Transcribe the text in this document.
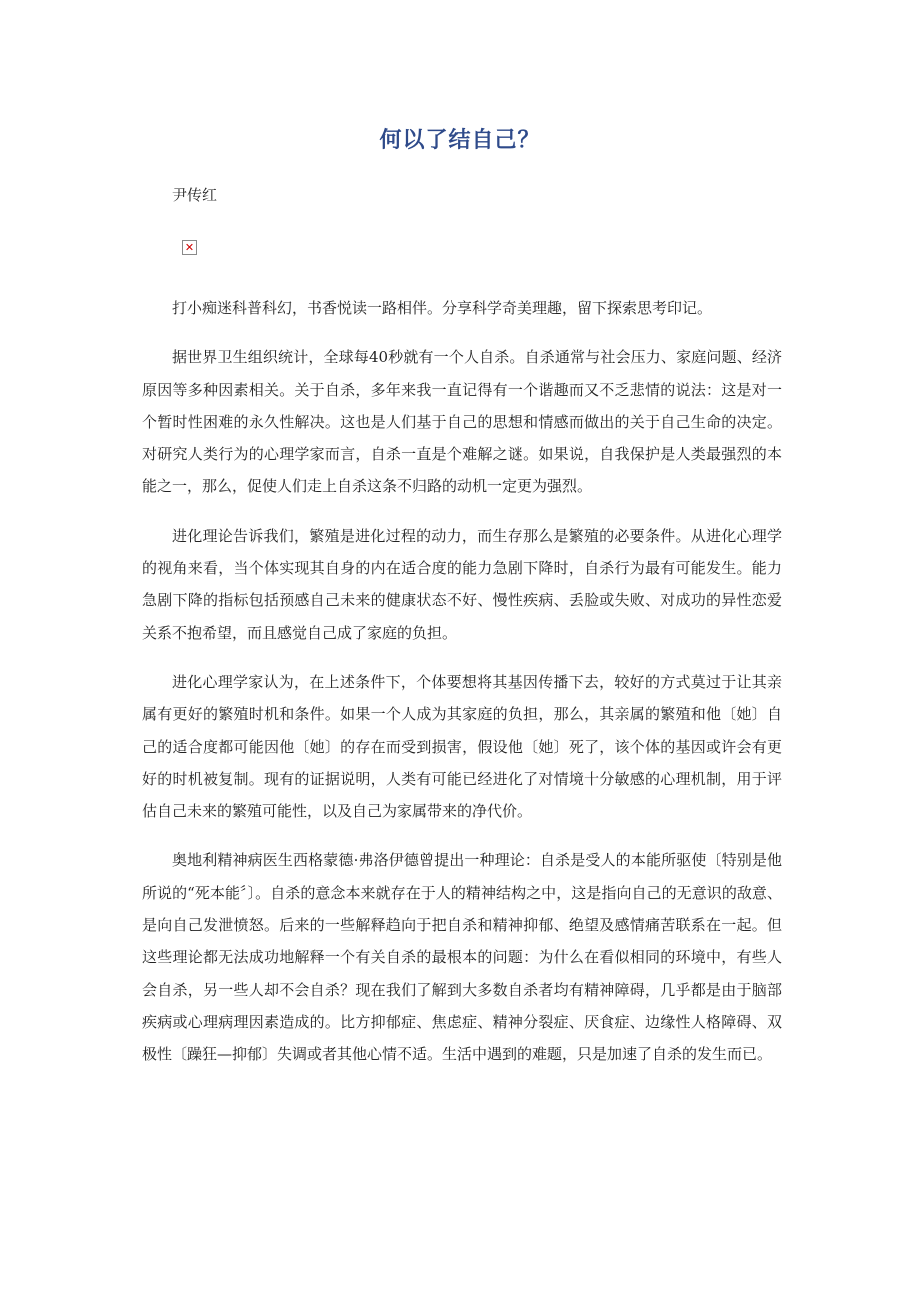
何以了结自己？
尹传红
✕

打小痴迷科普科幻，书香悦读一路相伴。分享科学奇美理趣，留下探索思考印记。

据世界卫生组织统计，全球每40秒就有一个人自杀。自杀通常与社会压力、家庭问题、经济原因等多种因素相关。关于自杀，多年来我一直记得有一个谐趣而又不乏悲情的说法：这是对一个暂时性困难的永久性解决。这也是人们基于自己的思想和情感而做出的关于自己生命的决定。对研究人类行为的心理学家而言，自杀一直是个难解之谜。如果说，自我保护是人类最强烈的本能之一，那么，促使人们走上自杀这条不归路的动机一定更为强烈。

进化理论告诉我们，繁殖是进化过程的动力，而生存那么是繁殖的必要条件。从进化心理学的视角来看，当个体实现其自身的内在适合度的能力急剧下降时，自杀行为最有可能发生。能力急剧下降的指标包括预感自己未来的健康状态不好、慢性疾病、丢脸或失败、对成功的异性恋爱关系不抱希望，而且感觉自己成了家庭的负担。

进化心理学家认为，在上述条件下，个体要想将其基因传播下去，较好的方式莫过于让其亲属有更好的繁殖时机和条件。如果一个人成为其家庭的负担，那么，其亲属的繁殖和他〔她〕自己的适合度都可能因他〔她〕的存在而受到损害，假设他〔她〕死了，该个体的基因或许会有更好的时机被复制。现有的证据说明，人类有可能已经进化了对情境十分敏感的心理机制，用于评估自己未来的繁殖可能性，以及自己为家属带来的净代价。

奥地利精神病医生西格蒙德·弗洛伊德曾提出一种理论：自杀是受人的本能所驱使〔特别是他所说的“死本能〞〕。自杀的意念本来就存在于人的精神结构之中，这是指向自己的无意识的敌意、是向自己发泄愤怒。后来的一些解释趋向于把自杀和精神抑郁、绝望及感情痛苦联系在一起。但这些理论都无法成功地解释一个有关自杀的最根本的问题：为什么在看似相同的环境中，有些人会自杀，另一些人却不会自杀？现在我们了解到大多数自杀者均有精神障碍，几乎都是由于脑部疾病或心理病理因素造成的。比方抑郁症、焦虑症、精神分裂症、厌食症、边缘性人格障碍、双极性〔躁狂—抑郁〕失调或者其他心情不适。生活中遇到的难题，只是加速了自杀的发生而已。
